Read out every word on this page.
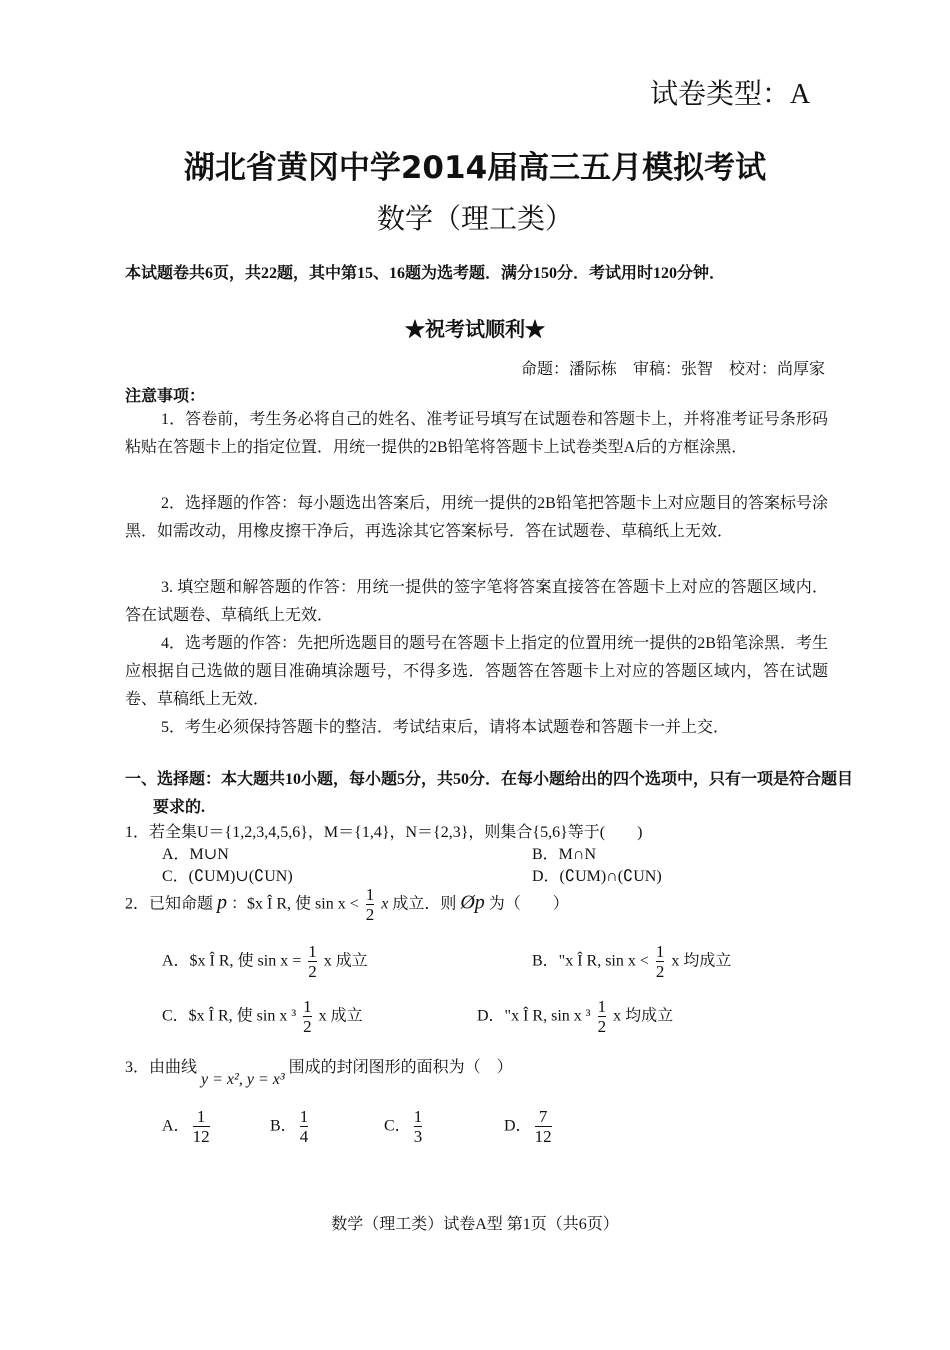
试卷类型：A
湖北省黄冈中学2014届高三五月模拟考试
数学（理工类）
本试题卷共6页，共22题，其中第15、16题为选考题．满分150分．考试用时120分钟．
★祝考试顺利★
命题：潘际栋　审稿：张智　校对：尚厚家
注意事项：
1．答卷前，考生务必将自己的姓名、准考证号填写在试题卷和答题卡上，并将准考证号条形码粘贴在答题卡上的指定位置．用统一提供的2B铅笔将答题卡上试卷类型A后的方框涂黑．
2．选择题的作答：每小题选出答案后，用统一提供的2B铅笔把答题卡上对应题目的答案标号涂黑．如需改动，用橡皮擦干净后，再选涂其它答案标号．答在试题卷、草稿纸上无效．
3. 填空题和解答题的作答：用统一提供的签字笔将答案直接答在答题卡上对应的答题区域内．答在试题卷、草稿纸上无效．
4．选考题的作答：先把所选题目的题号在答题卡上指定的位置用统一提供的2B铅笔涂黑．考生应根据自己选做的题目准确填涂题号，不得多选．答题答在答题卡上对应的答题区域内，答在试题卷、草稿纸上无效．
5．考生必须保持答题卡的整洁．考试结束后，请将本试题卷和答题卡一并上交．
一、选择题：本大题共10小题，每小题5分，共50分．在每小题给出的四个选项中，只有一项是符合题目要求的.
1．若全集U＝{1,2,3,4,5,6}，M＝{1,4}，N＝{2,3}，则集合{5,6}等于(　　)
A．M∪N	B．M∩N
C．(∁UM)∪(∁UN)	D．(∁UM)∩(∁UN)
2．已知命题 p ：$x Î R, 使 $\sin x < \frac{1}{2}$ x 成立．则 Øp 为（　　）
A．$x Î R, 使 $\sin x = \frac{1}{2}$ x 成立	B．"x Î R, $\sin x < \frac{1}{2}$ x 均成立
C．$x Î R, 使 sin x $^3 \frac{1}{2}$ x 成立	D．"x Î R, sin x $^3 \frac{1}{2}$ x 均成立
3．由曲线 y = x², y = x³ 围成的封闭图形的面积为（　）
A． $\frac{1}{12}$	B． $\frac{1}{4}$	C． $\frac{1}{3}$	D． $\frac{7}{12}$
数学（理工类）试卷A型 第1页（共6页）
